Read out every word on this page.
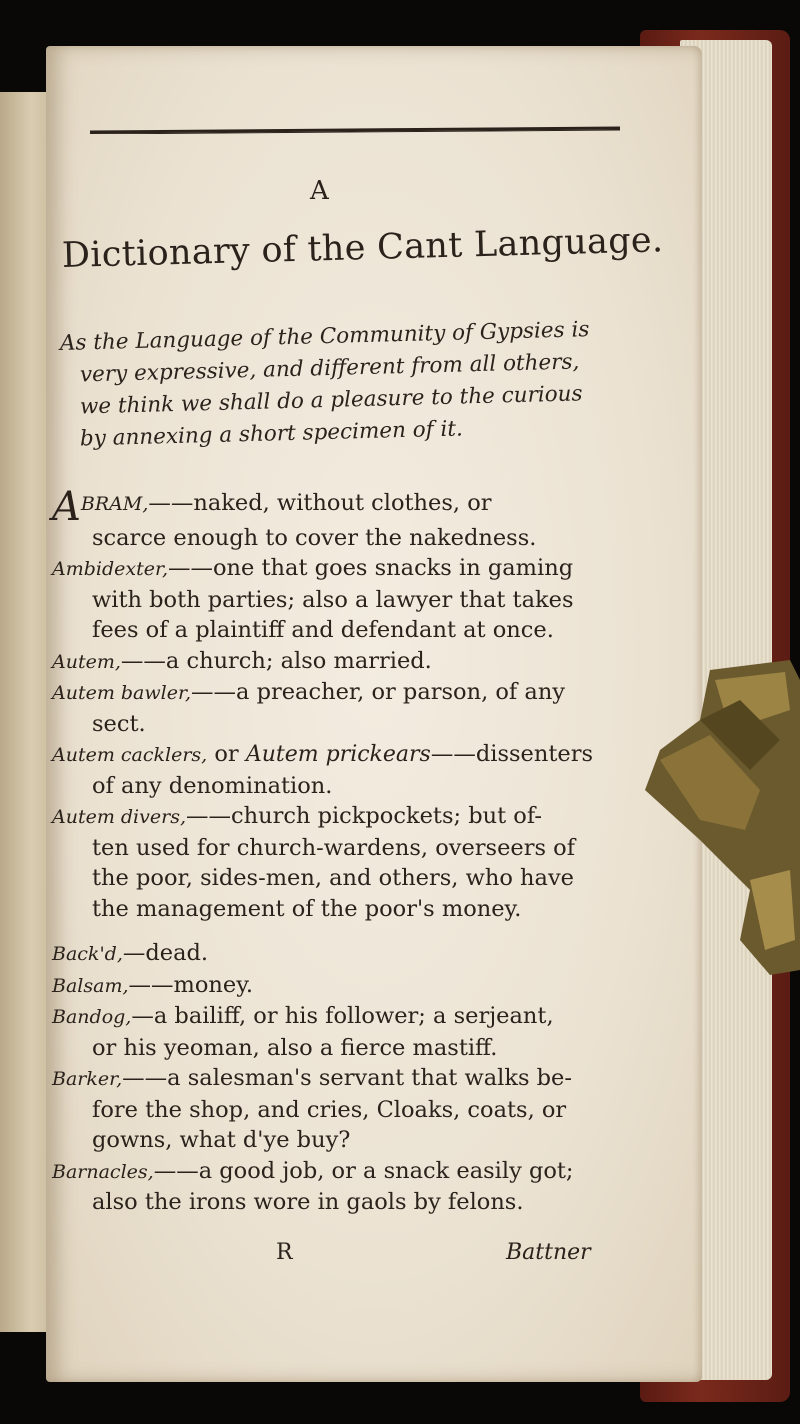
A
Dictionary of the Cant Language.
As the Language of the Community of Gypsies is
very expressive, and different from all others,
we think we shall do a pleasure to the curious
by annexing a short specimen of it.
ABRAM,——naked, without clothes, or
scarce enough to cover the nakedness.
Ambidexter,——one that goes snacks in gaming
with both parties; also a lawyer that takes
fees of a plaintiff and defendant at once.
Autem,——a church; also married.
Autem bawler,——a preacher, or parson, of any
sect.
Autem cacklers, or Autem prickears——dissenters
of any denomination.
Autem divers,——church pickpockets; but of-
ten used for church-wardens, overseers of
the poor, sides-men, and others, who have
the management of the poor's money.
Back'd,—dead.
Balsam,——money.
Bandog,—a bailiff, or his follower; a serjeant,
or his yeoman, also a fierce mastiff.
Barker,——a salesman's servant that walks be-
fore the shop, and cries, Cloaks, coats, or
gowns, what d'ye buy?
Barnacles,——a good job, or a snack easily got;
also the irons wore in gaols by felons.
R	Battner
